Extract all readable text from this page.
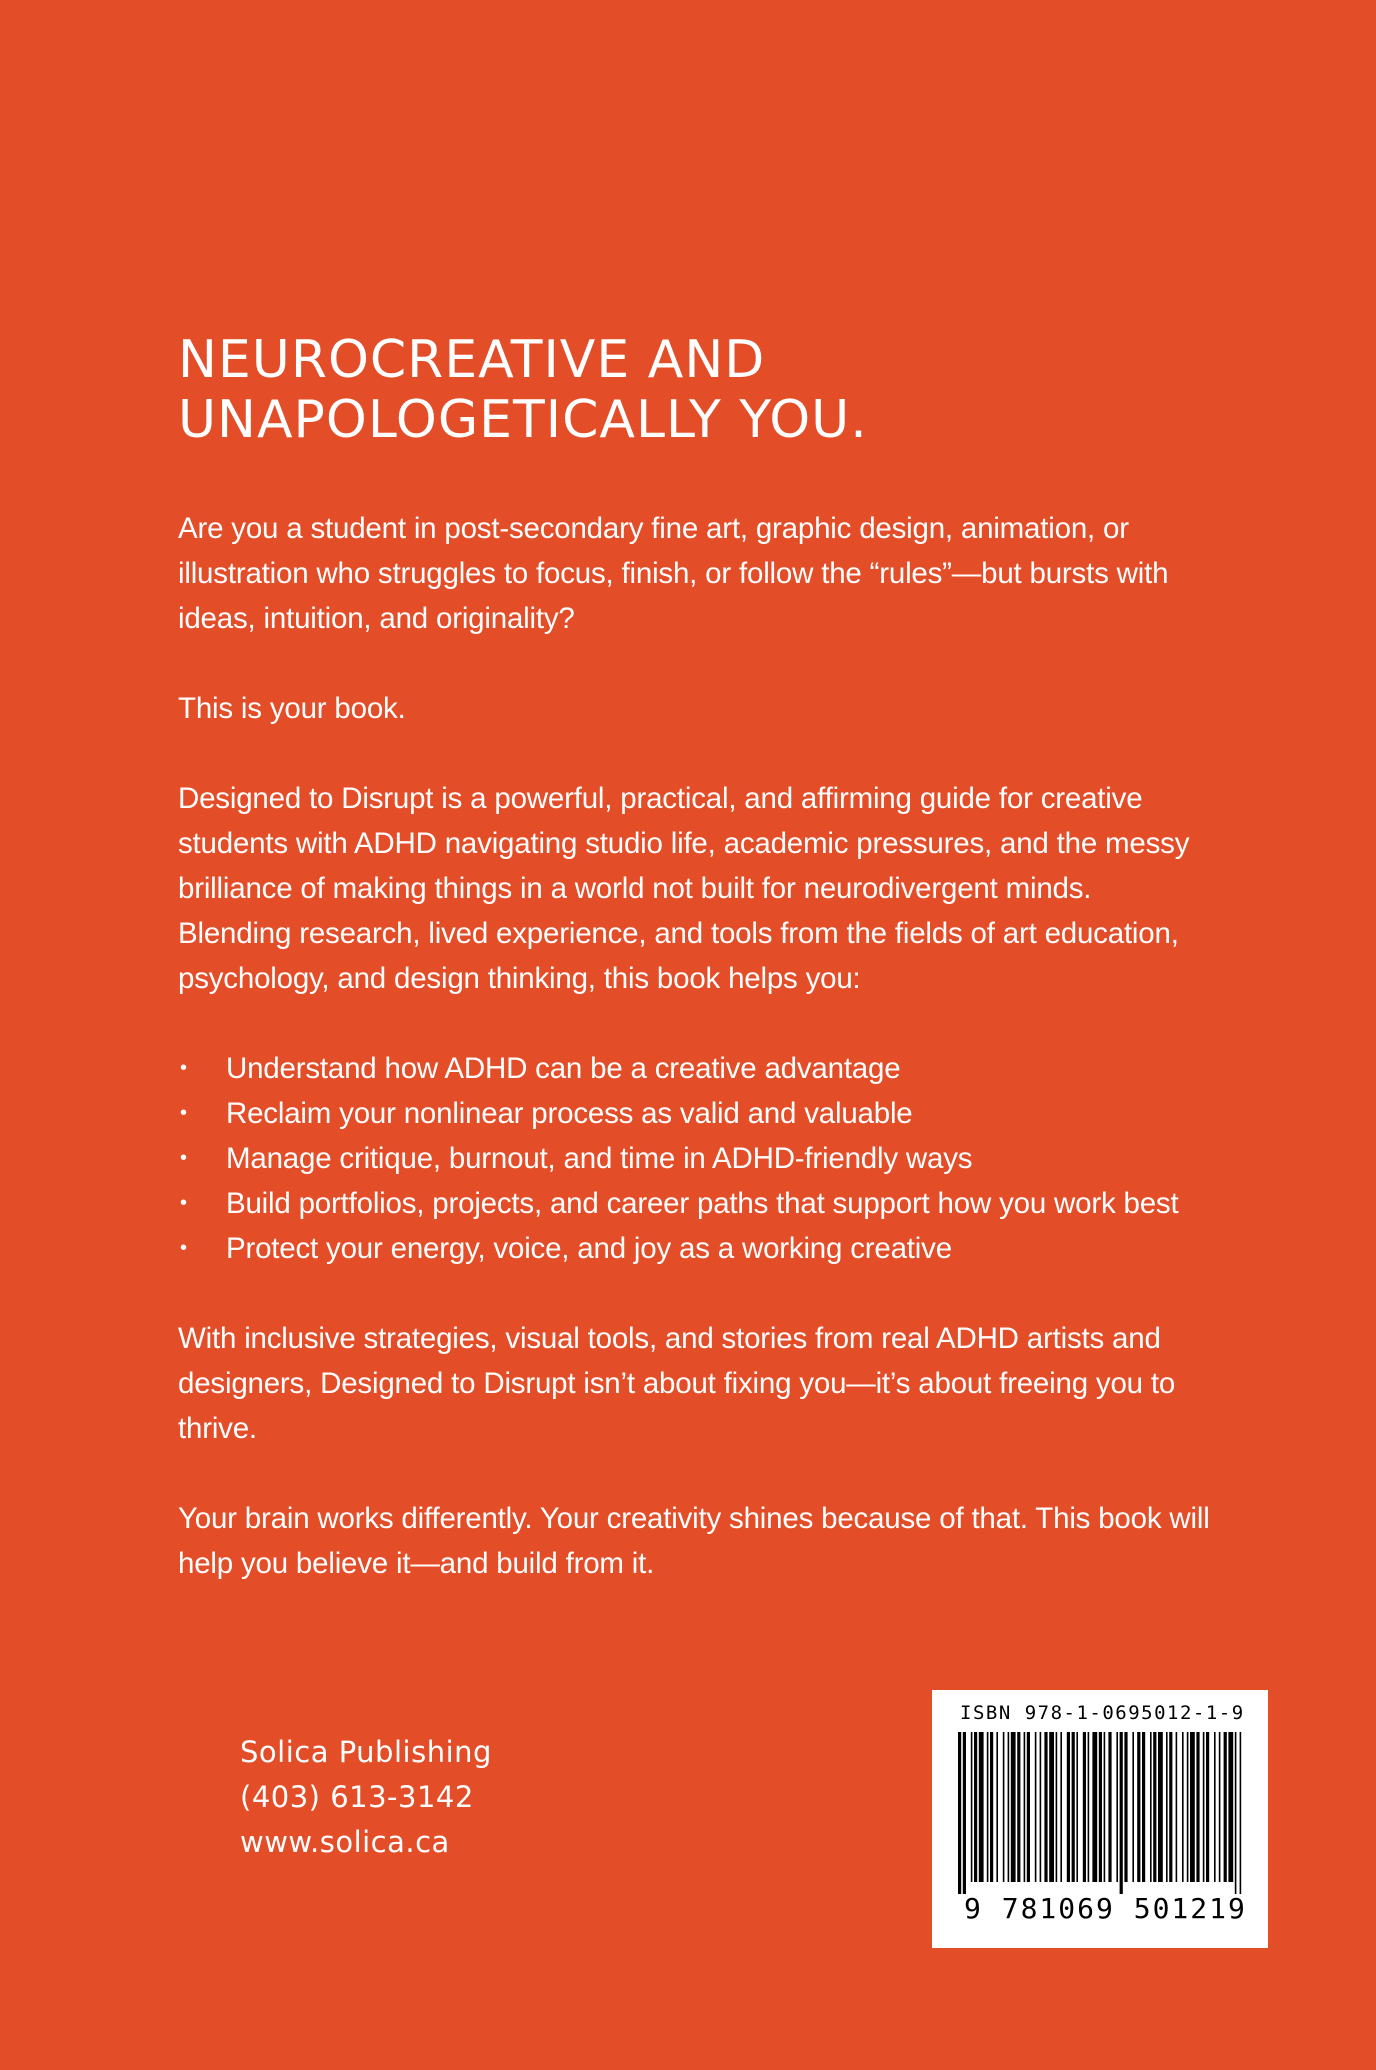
NEUROCREATIVE AND
UNAPOLOGETICALLY YOU.

Are you a student in post-secondary fine art, graphic design, animation, or illustration who struggles to focus, finish, or follow the “rules”—but bursts with ideas, intuition, and originality?

This is your book.

Designed to Disrupt is a powerful, practical, and affirming guide for creative students with ADHD navigating studio life, academic pressures, and the messy brilliance of making things in a world not built for neurodivergent minds.

Blending research, lived experience, and tools from the fields of art education, psychology, and design thinking, this book helps you:

• Understand how ADHD can be a creative advantage
• Reclaim your nonlinear process as valid and valuable
• Manage critique, burnout, and time in ADHD-friendly ways
• Build portfolios, projects, and career paths that support how you work best
• Protect your energy, voice, and joy as a working creative

With inclusive strategies, visual tools, and stories from real ADHD artists and designers, Designed to Disrupt isn’t about fixing you—it’s about freeing you to thrive.

Your brain works differently. Your creativity shines because of that. This book will help you believe it—and build from it.

Solica Publishing
(403) 613-3142
www.solica.ca
ISBN 978-1-0695012-1-9
9 781069 501219
